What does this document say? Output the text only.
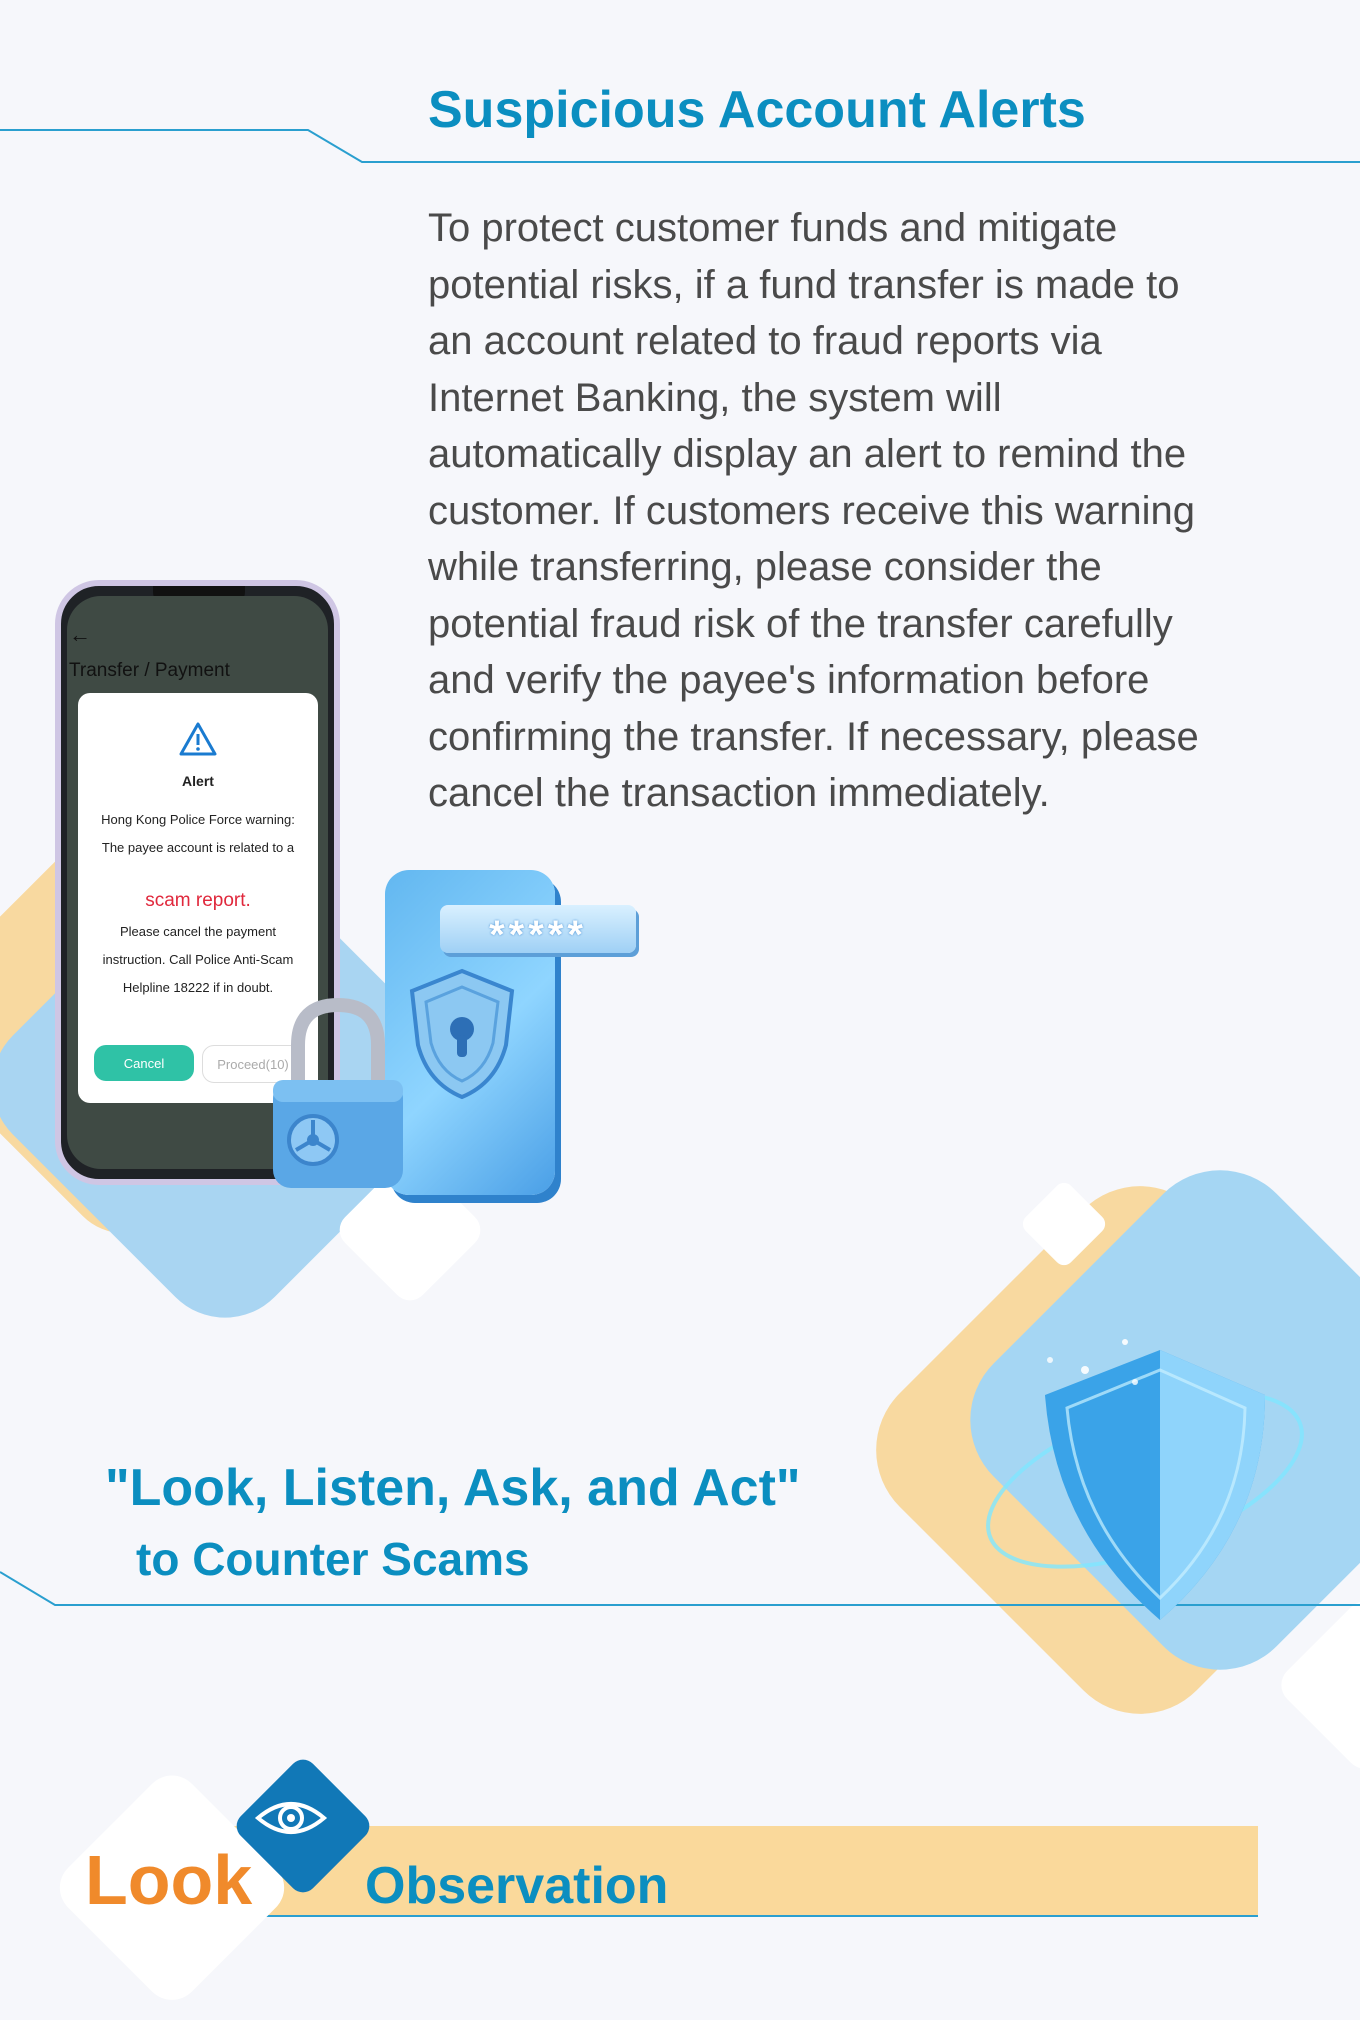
Suspicious Account Alerts
To protect customer funds and mitigate potential risks, if a fund transfer is made to an account related to fraud reports via Internet Banking, the system will automatically display an alert to remind the customer. If customers receive this warning while transferring, please consider the potential fraud risk of the transfer carefully and verify the payee's information before confirming the transfer. If necessary, please cancel the transaction immediately.
←
Transfer / Payment
Alert
Hong Kong Police Force warning: The payee account is related to a
scam report.
Please cancel the payment instruction. Call Police Anti-Scam Helpline 18222 if in doubt.
Cancel	Proceed(10)
*****
"Look, Listen, Ask, and Act"
to Counter Scams
Look Observation
